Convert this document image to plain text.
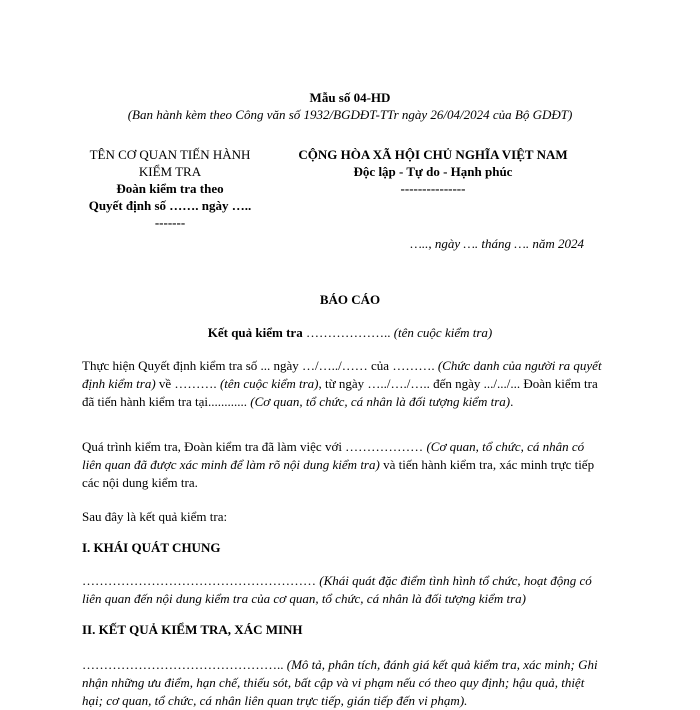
Mẫu số 04-HD
(Ban hành kèm theo Công văn số 1932/BGDĐT-TTr ngày 26/04/2024 của Bộ GDĐT)
TÊN CƠ QUAN TIẾN HÀNH
KIỂM TRA
Đoàn kiểm tra theo
Quyết định số ……. ngày …..
-------
CỘNG HÒA XÃ HỘI CHỦ NGHĨA VIỆT NAM
Độc lập - Tự do - Hạnh phúc
---------------
….., ngày …. tháng …. năm 2024
BÁO CÁO
Kết quả kiểm tra ……………….. (tên cuộc kiểm tra)
Thực hiện Quyết định kiểm tra số ... ngày …/…../…… của ………. (Chức danh của người ra quyết định kiểm tra) về ………. (tên cuộc kiểm tra), từ ngày …../…./….. đến ngày .../.../... Đoàn kiểm tra đã tiến hành kiểm tra tại............ (Cơ quan, tổ chức, cá nhân là đối tượng kiểm tra).
Quá trình kiểm tra, Đoàn kiểm tra đã làm việc với ……………… (Cơ quan, tổ chức, cá nhân có liên quan đã được xác minh để làm rõ nội dung kiểm tra) và tiến hành kiểm tra, xác minh trực tiếp các nội dung kiểm tra.
Sau đây là kết quả kiểm tra:
I. KHÁI QUÁT CHUNG
……………………………………………… (Khái quát đặc điểm tình hình tổ chức, hoạt động có liên quan đến nội dung kiểm tra của cơ quan, tổ chức, cá nhân là đối tượng kiểm tra)
II. KẾT QUẢ KIỂM TRA, XÁC MINH
……………………………………….. (Mô tả, phân tích, đánh giá kết quả kiểm tra, xác minh; Ghi nhận những ưu điểm, hạn chế, thiếu sót, bất cập và vi phạm nếu có theo quy định; hậu quả, thiệt hại; cơ quan, tổ chức, cá nhân liên quan trực tiếp, gián tiếp đến vi phạm).
